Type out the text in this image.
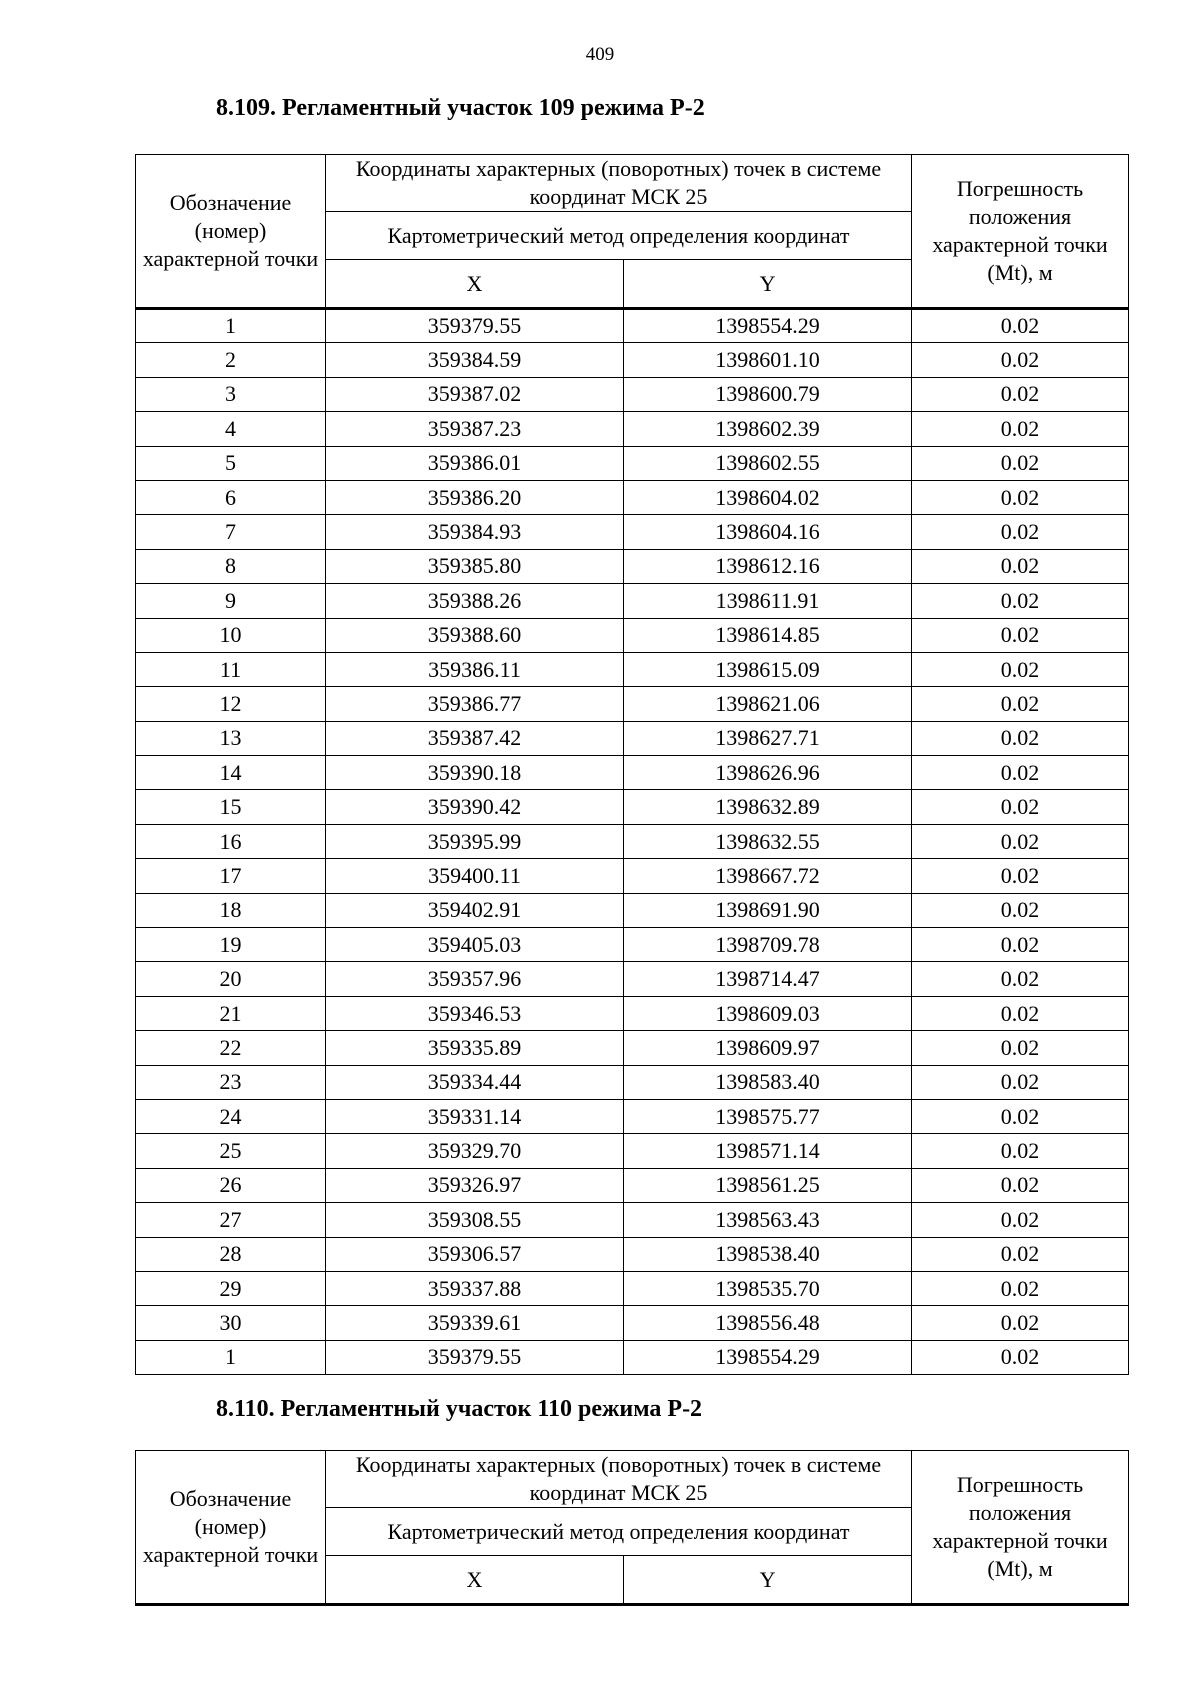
409
8.109. Регламентный участок 109 режима Р-2
Обозначение (номер) характерной точки	Координаты характерных (поворотных) точек в системе координат МСК 25		Погрешность положения характерной точки (Mt), м
	Картометрический метод определения координат		
	X	Y	
1	359379.55	1398554.29	0.02
2	359384.59	1398601.10	0.02
3	359387.02	1398600.79	0.02
4	359387.23	1398602.39	0.02
5	359386.01	1398602.55	0.02
6	359386.20	1398604.02	0.02
7	359384.93	1398604.16	0.02
8	359385.80	1398612.16	0.02
9	359388.26	1398611.91	0.02
10	359388.60	1398614.85	0.02
11	359386.11	1398615.09	0.02
12	359386.77	1398621.06	0.02
13	359387.42	1398627.71	0.02
14	359390.18	1398626.96	0.02
15	359390.42	1398632.89	0.02
16	359395.99	1398632.55	0.02
17	359400.11	1398667.72	0.02
18	359402.91	1398691.90	0.02
19	359405.03	1398709.78	0.02
20	359357.96	1398714.47	0.02
21	359346.53	1398609.03	0.02
22	359335.89	1398609.97	0.02
23	359334.44	1398583.40	0.02
24	359331.14	1398575.77	0.02
25	359329.70	1398571.14	0.02
26	359326.97	1398561.25	0.02
27	359308.55	1398563.43	0.02
28	359306.57	1398538.40	0.02
29	359337.88	1398535.70	0.02
30	359339.61	1398556.48	0.02
1	359379.55	1398554.29	0.02
8.110. Регламентный участок 110 режима Р-2
Обозначение (номер) характерной точки	Координаты характерных (поворотных) точек в системе координат МСК 25		Погрешность положения характерной точки (Mt), м
	Картометрический метод определения координат		
	X	Y	
